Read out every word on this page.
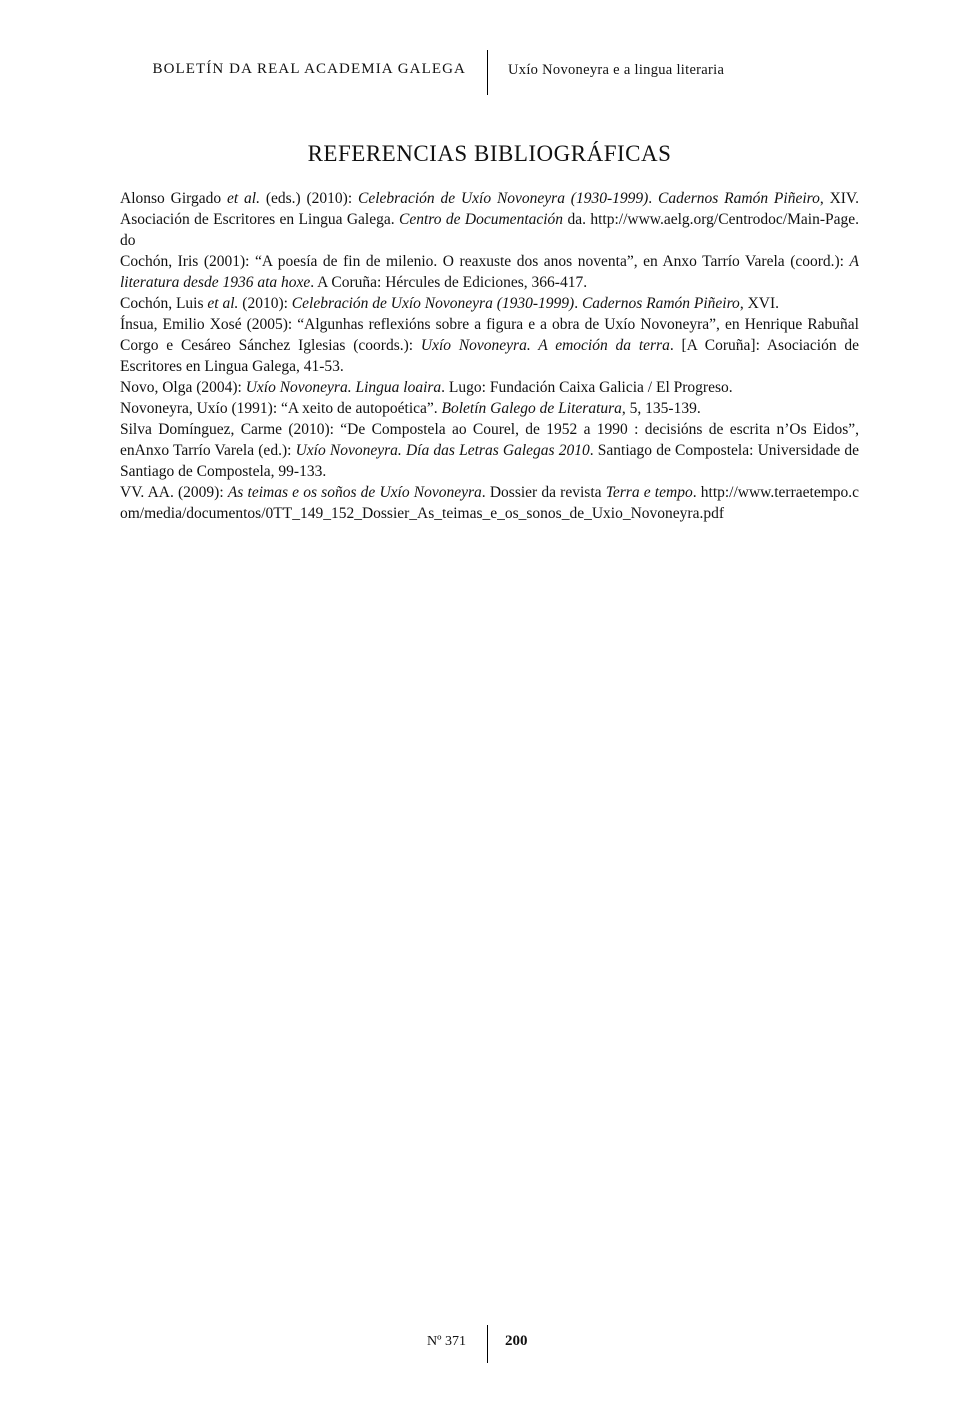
BOLETÍN DA REAL ACADEMIA GALEGA	Uxío Novoneyra e a lingua literaria
REFERENCIAS BIBLIOGRÁFICAS

Alonso Girgado et al. (eds.) (2010): Celebración de Uxío Novoneyra (1930-1999). Cadernos Ramón Piñeiro, XIV. Asociación de Escritores en Lingua Galega. Centro de Documentación da. http://www.aelg.org/Centrodoc/Main-Page.do

Cochón, Iris (2001): “A poesía de fin de milenio. O reaxuste dos anos noventa”, en Anxo Tarrío Varela (coord.): A literatura desde 1936 ata hoxe. A Coruña: Hércules de Ediciones, 366-417.

Cochón, Luis et al. (2010): Celebración de Uxío Novoneyra (1930-1999). Cadernos Ramón Piñeiro, XVI.

Ínsua, Emilio Xosé (2005): “Algunhas reflexións sobre a figura e a obra de Uxío Novoneyra”, en Henrique Rabuñal Corgo e Cesáreo Sánchez Iglesias (coords.): Uxío Novoneyra. A emoción da terra. [A Coruña]: Asociación de Escritores en Lingua Galega, 41-53.

Novo, Olga (2004): Uxío Novoneyra. Lingua loaira. Lugo: Fundación Caixa Galicia / El Progreso.

Novoneyra, Uxío (1991): “A xeito de autopoética”. Boletín Galego de Literatura, 5, 135-139.

Silva Domínguez, Carme (2010): “De Compostela ao Courel, de 1952 a 1990 : decisións de escrita n’Os Eidos”, enAnxo Tarrío Varela (ed.): Uxío Novoneyra. Día das Letras Galegas 2010. Santiago de Compostela: Universidade de Santiago de Compostela, 99-133.

VV. AA. (2009): As teimas e os soños de Uxío Novoneyra. Dossier da revista Terra e tempo. http://www.terraetempo.com/media/documentos/0TT_149_152_Dossier_As_teimas_e_os_sonos_de_Uxio_Novoneyra.pdf

Nº 371	200
